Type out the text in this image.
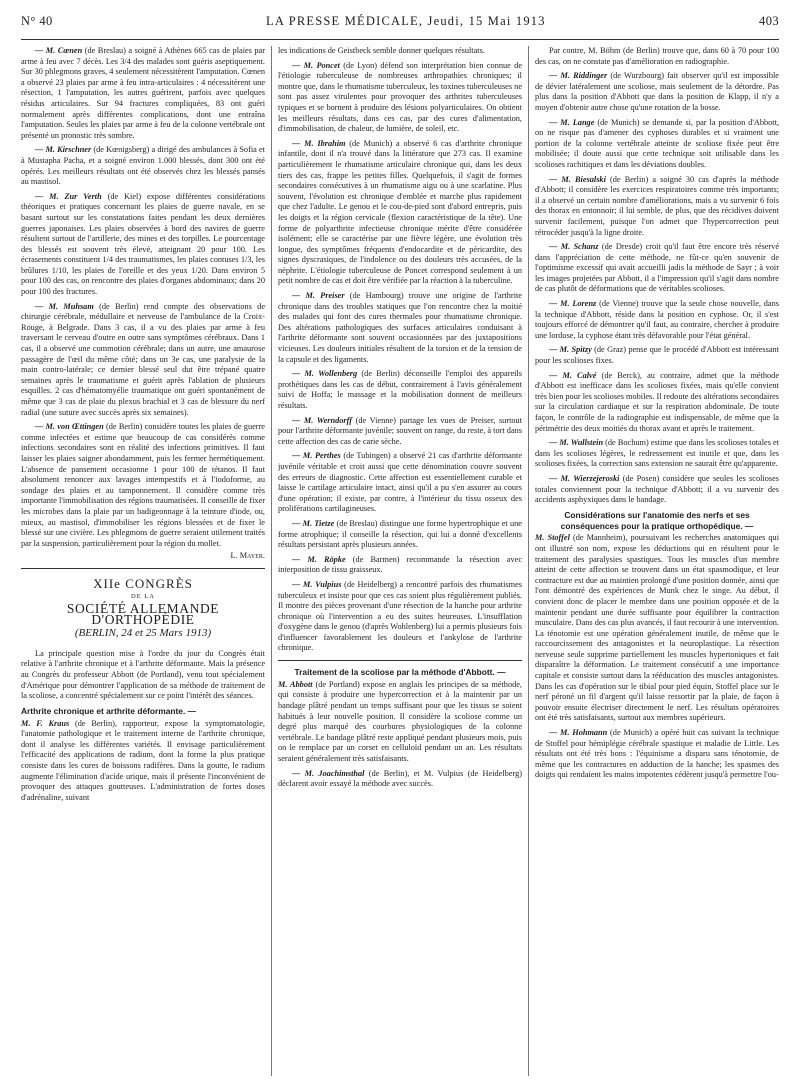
N° 40	LA PRESSE MÉDICALE, Jeudi, 15 Mai 1913	403

— M. Cœnen (de Breslau) a soigné à Athènes 665 cas de plaies par arme à feu avec 7 décès. Les 3/4 des malades sont guéris aseptiquement. Sur 30 phlegmons graves, 4 seulement nécessitèrent l'amputation. Cœnen a observé 23 plaies par arme à feu intra-articulaires : 4 nécessitèrent une résection, 1 l'amputation, les autres guérirent, parfois avec quelques résidus articulaires. Sur 94 fractures compliquées, 83 ont guéri normalement après différentes complications, dont une entraîna l'amputation. Seules les plaies par arme à feu de la colonne vertébrale ont présenté un pronostic très sombre.

— M. Kirschner (de Kœnigsberg) a dirigé des ambulances à Sofia et à Mustapha Pacha, et a soigné environ 1.000 blessés, dont 300 ont été opérés. Les meilleurs résultats ont été observés chez les blessés pansés au mastisol.

— M. Zur Verth (de Kiel) expose différentes considérations théoriques et pratiques concernant les plaies de guerre navale, en se basant surtout sur les constatations faites pendant les deux dernières guerres japonaises. Les plaies observées à bord des navires de guerre résultent surtout de l'artillerie, des mines et des torpilles. Le pourcentage des blessés est souvent très élevé, atteignant 20 pour 100. Les écrasements constituent 1/4 des traumatismes, les plaies contuses 1/3, les brûlures 1/10, les plaies de l'oreille et des yeux 1/20. Dans environ 5 pour 100 des cas, on rencontre des plaies d'organes abdominaux; dans 20 pour 100 des fractures.

— M. Muhsam (de Berlin) rend compte des observations de chirurgie cérébrale, médullaire et nerveuse de l'ambulance de la Croix-Rouge, à Belgrade. Dans 3 cas, il a vu des plaies par arme à feu traversant le cerveau d'outre en outre sans symptômes cérébraux. Dans 1 cas, il a observé une commotion cérébrale; dans un autre, une amaurose passagère de l'œil du même côté; dans un 3e cas, une paralysie de la main contro-latérale; ce dernier blessé seul dut être trépané quatre semaines après le traumatisme et guérit après l'ablation de plusieurs esquilles. 2 cas d'hématomyélie traumatique ont guéri spontanément de même que 3 cas de plaie du plexus brachial et 3 cas de blessure du nerf radial (une suture avec succès après six semaines).

— M. von Œttingen (de Berlin) considère toutes les plaies de guerre comme infectées et estime que beaucoup de cas considérés comme infections secondaires sont en réalité des infections primitives. Il faut laisser les plaies saigner abondamment, puis les fermer hermétiquement. L'absence de pansement occasionne 1 pour 100 de tétanos. Il faut absolument renoncer aux lavages intempestifs et à l'iodoforme, au sondage des plaies et au tamponnement. Il considère comme très importante l'immobilisation des régions traumatisées. Il conseille de fixer les microbes dans la plaie par un badigeonnage à la teinture d'iode, ou, mieux, au mastisol, d'immobiliser les régions blessées et de fixer le blessé sur une civière. Les phlegmons de guerre seraient utilement traités par la suspension, particulièrement pour la région du mollet.

L. Mayer.
XIIe CONGRÈS
DE LA
SOCIÉTÉ ALLEMANDE D'ORTHOPÉDIE
(BERLIN, 24 et 25 Mars 1913)

La principale question mise à l'ordre du jour du Congrès était relative à l'arthrite chronique et à l'arthrite déformante. Mais la présence au Congrès du professeur Abbott (de Portland), venu tout spécialement d'Amérique pour démontrer l'application de sa méthode de traitement de la scoliose, a concentré spécialement sur ce point l'intérêt des séances.

Arthrite chronique et arthrite déformante. —

M. F. Kraus (de Berlin), rapporteur, expose la symptomatologie, l'anatomie pathologique et le traitement interne de l'arthrite chronique, dont il analyse les différentes variétés. Il envisage particulièrement l'efficacité des applications de radium, dont la forme la plus pratique consiste dans les cures de boissons radifères. Dans la goutte, le radium augmente l'élimination d'acide urique, mais il présente l'inconvénient de provoquer des attaques goutteuses. L'administration de fortes doses d'adrénaline, suivant

les indications de Geistbeck semble donner quelques résultats.

— M. Poncet (de Lyon) défend son interprétation bien connue de l'étiologie tuberculeuse de nombreuses arthropathies chroniques; il montre que, dans le rhumatisme tuberculeux, les toxines tuberculeuses ne sont pas assez virulentes pour provoquer des arthrites tuberculeuses typiques et se bornent à produire des lésions polyarticulaires. On obtient les meilleurs résultats, dans ces cas, par des cures d'alimentation, d'immobilisation, de chaleur, de lumière, de soleil, etc.

— M. Ibrahim (de Munich) a observé 6 cas d'arthrite chronique infantile, dont il n'a trouvé dans la littérature que 273 cas. Il examine particulièrement le rhumatisme articulaire chronique qui, dans les deux tiers des cas, frappe les petites filles. Quelquefois, il s'agit de formes secondaires consécutives à un rhumatisme aigu ou à une scarlatine. Plus souvent, l'évolution est chronique d'emblée et marche plus rapidement que chez l'adulte. Le genou et le cou-de-pied sont d'abord entrepris, puis les doigts et la région cervicale (flexion caractéristique de la tête). Une forme de polyarthrite infectieuse chronique mérite d'être considérée isolément; elle se caractérise par une fièvre légère, une évolution très longue, des symptômes fréquents d'endocardite et de péricardite, des signes dyscrasiques, de l'indolence ou des douleurs très accusées, de la néphrite. L'étiologie tuberculeuse de Poncet correspond seulement à un petit nombre de cas et doit être vérifiée par la réaction à la tuberculine.

— M. Preiser (de Hambourg) trouve une origine de l'arthrite chronique dans des troubles statiques que l'on rencontre chez la moitié des malades qui font des cures thermales pour rhumatisme chronique. Des altérations pathologiques des surfaces articulaires conduisant à l'arthrite déformante sont souvent occasionnées par des juxtapositions vicieuses. Les douleurs initiales résultent de la torsion et de la tension de la capsule et des ligaments.

— M. Wollenberg (de Berlin) déconseille l'emploi des appareils prothétiques dans les cas de début, contrairement à l'avis généralement suivi de Hoffa; le massage et la mobilisation donnent de meilleurs résultats.

— M. Werndorff (de Vienne) partage les vues de Preiser, surtout pour l'arthrite déformante juvénile; souvent on range, du reste, à tort dans cette affection des cas de carie sèche.

— M. Perthes (de Tubingen) a observé 21 cas d'arthrite déformante juvénile véritable et croit aussi que cette dénomination couvre souvent des erreurs de diagnostic. Cette affection est essentiellement curable et laisse le cartilage articulaire intact, ainsi qu'il a pu s'en assurer au cours d'une opération; il existe, par contre, à l'intérieur du tissu osseux des proliférations cartilagineuses.

— M. Tietze (de Breslau) distingue une forme hypertrophique et une forme atrophique; il conseille la résection, qui lui a donné d'excellents résultats persistant après plusieurs années.

— M. Röpke (de Barmen) recommande la résection avec interposition de tissu graisseux.

— M. Vulpius (de Heidelberg) a rencontré parfois des rhumatismes tuberculeux et insiste pour que ces cas soient plus régulièrement publiés. Il montre des pièces provenant d'une résection de la hanche pour arthrite chronique où l'intervention a eu des suites heureuses. L'insufflation d'oxygène dans le genou (d'après Wohlenberg) lui a permis plusieurs fois d'influencer favorablement les douleurs et l'ankylose de l'arthrite chronique.

Traitement de la scoliose par la méthode d'Abbott. —

M. Abbott (de Portland) expose en anglais les principes de sa méthode, qui consiste à produire une hypercorrection et à la maintenir par un bandage plâtré pendant un temps suffisant pour que les tissus se soient habitués à leur nouvelle position. Il considère la scoliose comme un degré plus marqué des courbures physiologiques de la colonne vertébrale. Le bandage plâtré reste appliqué pendant plusieurs mois, puis on le remplace par un corset en celluloïd pendant un an. Les résultats seraient généralement très satisfaisants.

— M. Joachimsthal (de Berlin), et M. Vulpius (de Heidelberg) déclarent avoir essayé la méthode avec succès.

Par contre, M. Böhm (de Berlin) trouve que, dans 60 à 70 pour 100 des cas, on ne constate pas d'amélioration en radiographie.

— M. Riddinger (de Wurzbourg) fait observer qu'il est impossible de dévier latéralement une scoliose, mais seulement de la détordre. Pas plus dans la position d'Abbott que dans la position de Klapp, il n'y a moyen d'obtenir autre chose qu'une rotation de la bosse.

— M. Lange (de Munich) se demande si, par la position d'Abbott, on ne risque pas d'amener des cyphoses durables et si vraiment une portion de la colonne vertébrale atteinte de scoliose fixée peut être mobilisée; il doute aussi que cette technique soit utilisable dans les scolioses rachitiques et dans les déviations doubles.

— M. Biesalski (de Berlin) a soigné 30 cas d'après la méthode d'Abbott; il considère les exercices respiratoires comme très importants; il a observé un certain nombre d'améliorations, mais a vu survenir 6 fois des thorax en entonnoir; il lui semble, de plus, que des récidives doivent survenir facilement, puisque l'on admet que l'hypercorrection peut rétrocéder jusqu'à la ligne droite.

— M. Schanz (de Dresde) croit qu'il faut être encore très réservé dans l'appréciation de cette méthode, ne fût-ce qu'en souvenir de l'optimisme excessif qui avait accueilli jadis la méthode de Sayr ; à voir les images projetées par Abbott, il a l'impression qu'il s'agit dans nombre de cas plutôt de déformations que de véritables scolioses.

— M. Lorenz (de Vienne) trouve que la seule chose nouvelle, dans la technique d'Abbott, réside dans la position en cyphose. Or, il s'est toujours efforcé de démontrer qu'il faut, au contraire, chercher à produire une lordose, la cyphose étant très défavorable pour l'état général.

— M. Spitzy (de Graz) pense que le procédé d'Abbott est intéressant pour les scolioses fixes.

— M. Calvé (de Berck), au contraire, admet que la méthode d'Abbott est inefficace dans les scolioses fixées, mais qu'elle convient très bien pour les scolioses mobiles. Il redoute des altérations secondaires sur la circulation cardiaque et sur la respiration abdominale. De toute façon, le contrôle de la radiographie est indispensable, de même que la périmétrie des deux moitiés du thorax avant et après le traitement.

— M. Wullstein (de Bochum) estime que dans les scolioses totales et dans les scolioses légères, le redressement est inutile et que, dans les scolioses fixées, la correction sans extension ne saurait être qu'apparente.

— M. Wierzejeroski (de Posen) considère que seules les scolioses totales conviennent pour la technique d'Abbott; il a vu survenir des accidents asphyxiques dans le bandage.

Considérations sur l'anatomie des nerfs et ses conséquences pour la pratique orthopédique. —

M. Stoffel (de Mannheim), poursuivant les recherches anatomiques qui ont illustré son nom, expose les déductions qui en résultent pour le traitement des paralysies spastiques. Tous les muscles d'un membre atteint de cette affection se trouvent dans un état spasmodique, et leur contracture est due au maintien prolongé d'une position donnée, ainsi que l'ont démontré des expériences de Munk chez le singe. Au début, il convient donc de placer le membre dans une position opposée et de la maintenir pendant une durée suffisante pour équilibrer la contraction musculaire. Dans des cas plus avancés, il faut recourir à une intervention. La ténotomie est une opération généralement inutile, de même que le raccourcissement des antagonistes et la neuroplastique. La résection nerveuse seule supprime partiellement les muscles hypertoniques et fait disparaître la déformation. Le traitement consécutif a une importance capitale et consiste surtout dans la rééducation des muscles antagonistes. Dans les cas d'opération sur le tibial pour pied équin, Stoffel place sur le nerf péroné un fil d'argent qu'il laisse ressortir par la plaie, de façon à pouvoir ensuite électriser directement le nerf. Les résultats opératoires ont été très satisfaisants, surtout aux membres supérieurs.

— M. Hohmann (de Munich) a opéré huit cas suivant la technique de Stoffel pour hémiplégie cérébrale spastique et maladie de Little. Les résultats ont été très bons : l'équinisme a disparu sans ténotomie, de même que les contractures en adduction de la hanche; les spasmes des doigts qui rendaient les mains impotentes cédèrent jusqu'à permettre l'ou-
